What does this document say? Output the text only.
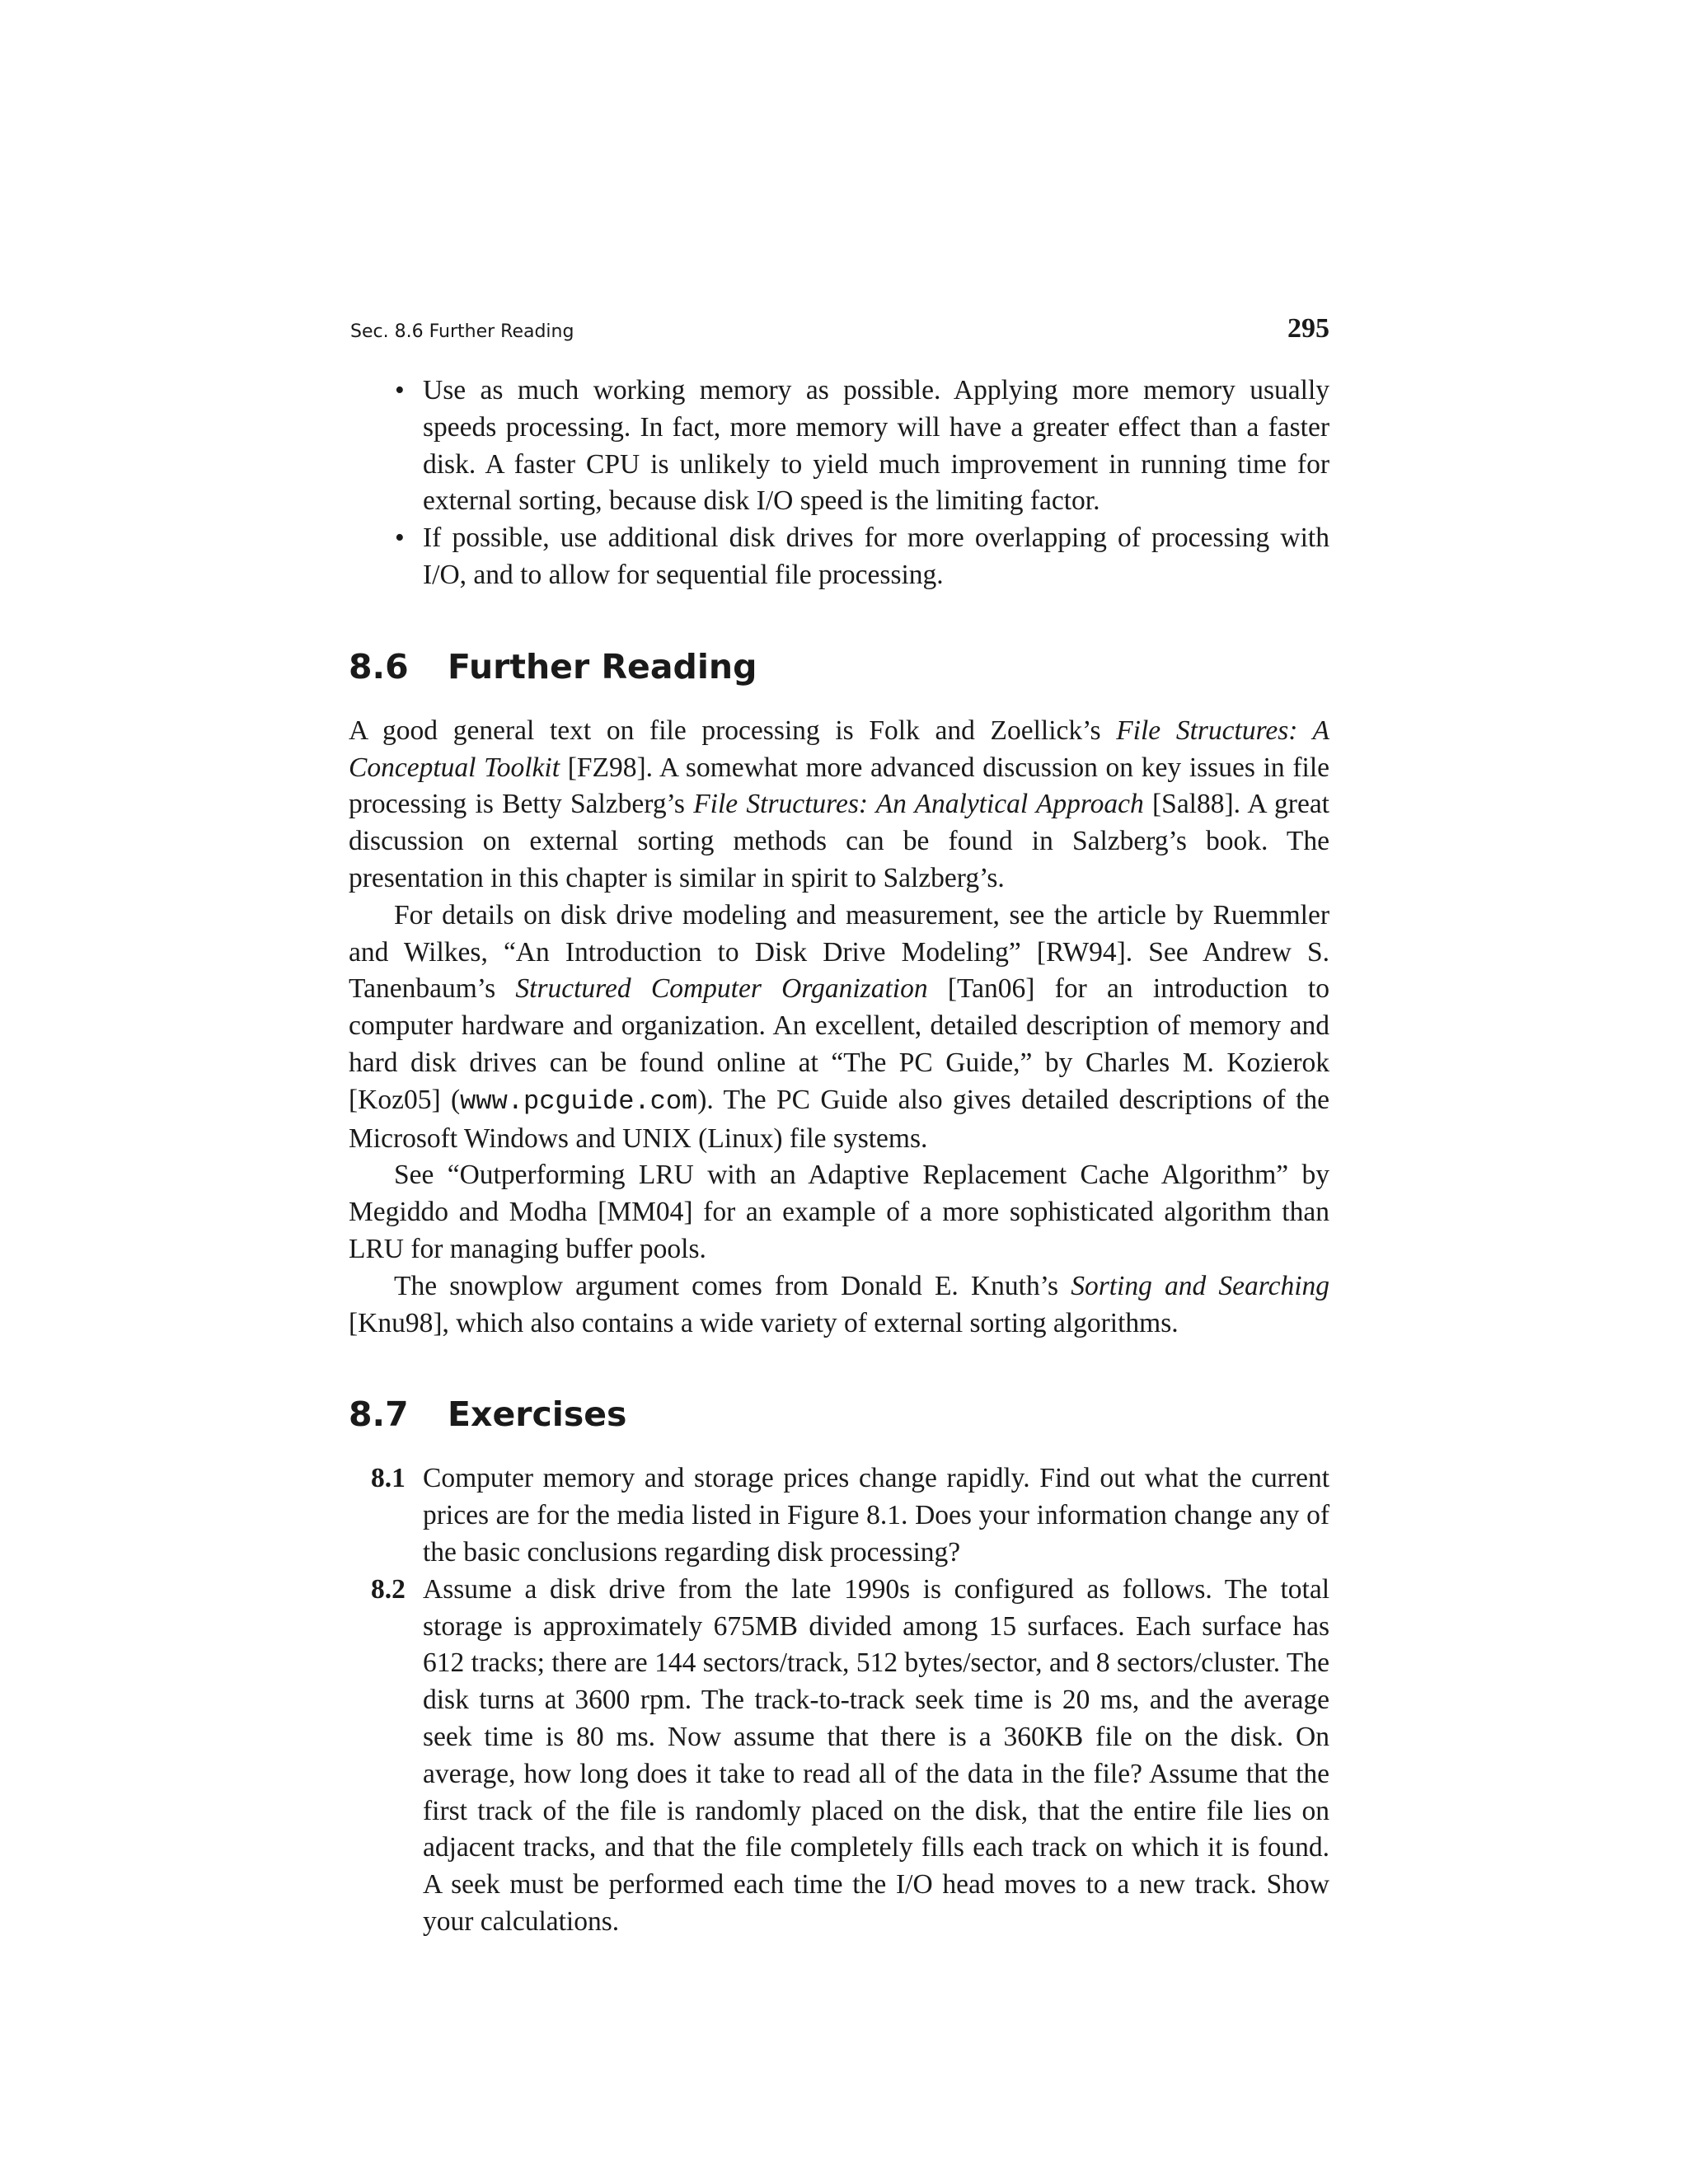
Sec. 8.6 Further Reading	295
• Use as much working memory as possible. Applying more memory usually speeds processing. In fact, more memory will have a greater effect than a faster disk. A faster CPU is unlikely to yield much improvement in running time for external sorting, because disk I/O speed is the limiting factor.
• If possible, use additional disk drives for more overlapping of processing with I/O, and to allow for sequential file processing.
8.6	Further Reading

A good general text on file processing is Folk and Zoellick’s File Structures: A Conceptual Toolkit [FZ98]. A somewhat more advanced discussion on key issues in file processing is Betty Salzberg’s File Structures: An Analytical Approach [Sal88]. A great discussion on external sorting methods can be found in Salzberg’s book. The presentation in this chapter is similar in spirit to Salzberg’s.

For details on disk drive modeling and measurement, see the article by Ruemmler and Wilkes, “An Introduction to Disk Drive Modeling” [RW94]. See Andrew S. Tanenbaum’s Structured Computer Organization [Tan06] for an introduction to computer hardware and organization. An excellent, detailed description of memory and hard disk drives can be found online at “The PC Guide,” by Charles M. Kozierok [Koz05] (www.pcguide.com). The PC Guide also gives detailed descriptions of the Microsoft Windows and UNIX (Linux) file systems.

See “Outperforming LRU with an Adaptive Replacement Cache Algorithm” by Megiddo and Modha [MM04] for an example of a more sophisticated algorithm than LRU for managing buffer pools.

The snowplow argument comes from Donald E. Knuth’s Sorting and Searching [Knu98], which also contains a wide variety of external sorting algorithms.

8.7	Exercises
8.1 Computer memory and storage prices change rapidly. Find out what the current prices are for the media listed in Figure 8.1. Does your information change any of the basic conclusions regarding disk processing?
8.2 Assume a disk drive from the late 1990s is configured as follows. The total storage is approximately 675MB divided among 15 surfaces. Each surface has 612 tracks; there are 144 sectors/track, 512 bytes/sector, and 8 sectors/cluster. The disk turns at 3600 rpm. The track-to-track seek time is 20 ms, and the average seek time is 80 ms. Now assume that there is a 360KB file on the disk. On average, how long does it take to read all of the data in the file? Assume that the first track of the file is randomly placed on the disk, that the entire file lies on adjacent tracks, and that the file completely fills each track on which it is found. A seek must be performed each time the I/O head moves to a new track. Show your calculations.
